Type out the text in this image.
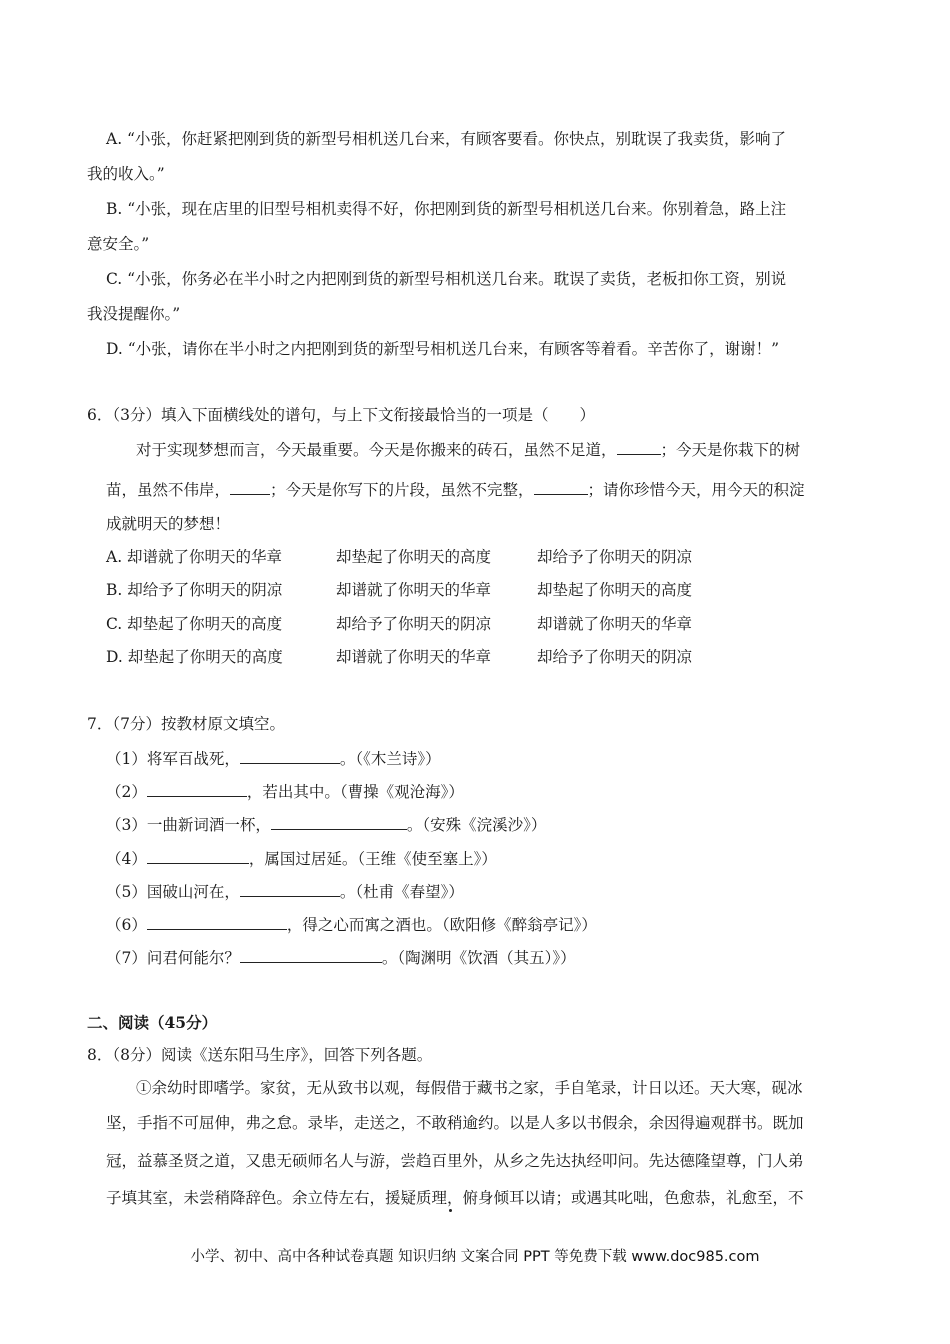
A. “小张，你赶紧把刚到货的新型号相机送几台来，有顾客要看。你快点，别耽误了我卖货，影响了
我的收入。”
B. “小张，现在店里的旧型号相机卖得不好，你把刚到货的新型号相机送几台来。你别着急，路上注
意安全。”
C. “小张，你务必在半小时之内把刚到货的新型号相机送几台来。耽误了卖货，老板扣你工资，别说
我没提醒你。”
D. “小张，请你在半小时之内把刚到货的新型号相机送几台来，有顾客等着看。辛苦你了，谢谢！”
6．（3分）填入下面横线处的谱句，与上下文衔接最恰当的一项是（　　）
对于实现梦想而言，今天最重要。今天是你搬来的砖石，虽然不足道，	；今天是你栽下的树
苗，虽然不伟岸，	；今天是你写下的片段，虽然不完整，	；请你珍惜今天，用今天的积淀
成就明天的梦想！
A. 却谱就了你明天的华章	却垫起了你明天的高度	却给予了你明天的阴凉
B. 却给予了你明天的阴凉	却谱就了你明天的华章	却垫起了你明天的高度
C. 却垫起了你明天的高度	却给予了你明天的阴凉	却谱就了你明天的华章
D. 却垫起了你明天的高度	却谱就了你明天的华章	却给予了你明天的阴凉
7．（7分）按教材原文填空。
（1）将军百战死，	。（《木兰诗》）
（2）	，若出其中。（曹操《观沧海》）
（3）一曲新词酒一杯，	。（安殊《浣溪沙》）
（4）	，属国过居延。（王维《使至塞上》）
（5）国破山河在，	。（杜甫《春望》）
（6）	，得之心而寓之酒也。（欧阳修《醉翁亭记》）
（7）问君何能尔？	。（陶渊明《饮酒（其五）》）
二、阅读（45分）
8．（8分）阅读《送东阳马生序》，回答下列各题。
①余幼时即嗜学。家贫，无从致书以观，每假借于藏书之家，手自笔录，计日以还。天大寒，砚冰
坚，手指不可屈伸，弗之怠。录毕，走送之，不敢稍逾约。以是人多以书假余，余因得遍观群书。既加
冠，益慕圣贤之道，又患无硕师名人与游，尝趋百里外，从乡之先达执经叩问。先达德隆望尊，门人弟
子填其室，未尝稍降辞色。余立侍左右，援疑质理，俯身倾耳以请；或遇其叱咄，色愈恭，礼愈至，不
小学、初中、高中各种试卷真题 知识归纳 文案合同 PPT 等免费下载 www.doc985.com
